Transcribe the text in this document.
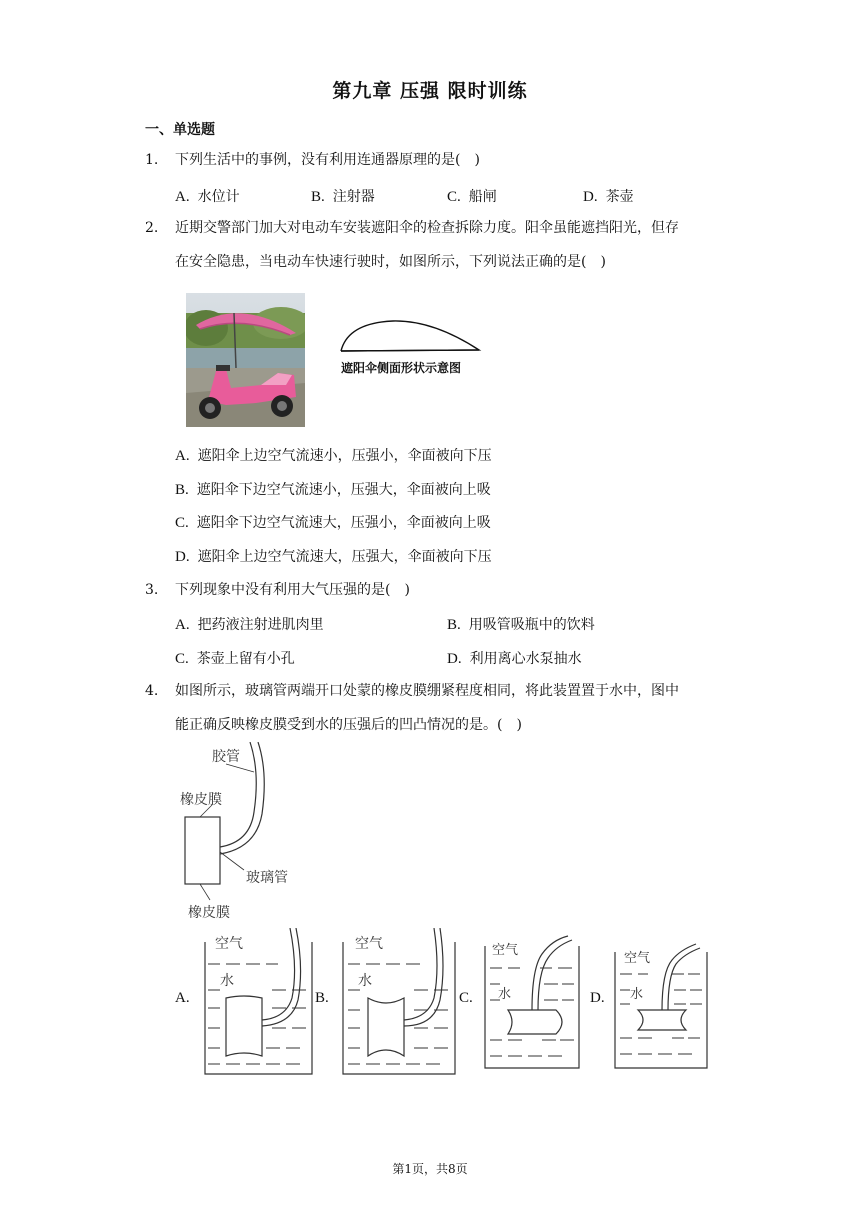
第九章 压强 限时训练
一、单选题
1. 下列生活中的事例，没有利用连通器原理的是(　)
A. 水位计	B. 注射器	C. 船闸	D. 茶壶
2. 近期交警部门加大对电动车安装遮阳伞的检查拆除力度。阳伞虽能遮挡阳光，但存
在安全隐患，当电动车快速行驶时，如图所示，下列说法正确的是(　)
遮阳伞侧面形状示意图
A. 遮阳伞上边空气流速小，压强小，伞面被向下压
B. 遮阳伞下边空气流速小，压强大，伞面被向上吸
C. 遮阳伞下边空气流速大，压强小，伞面被向上吸
D. 遮阳伞上边空气流速大，压强大，伞面被向下压
3. 下列现象中没有利用大气压强的是(　)
A. 把药液注射进肌肉里	B. 用吸管吸瓶中的饮料
C. 茶壶上留有小孔	D. 利用离心水泵抽水
4. 如图所示，玻璃管两端开口处蒙的橡皮膜绷紧程度相同，将此装置置于水中，图中
能正确反映橡皮膜受到水的压强后的凹凸情况的是。(　)
胶管
橡皮膜
玻璃管
橡皮膜
A.
空气
水
B.
空气
水
C.
空气
水	D.
空气
水
第1页，共8页
